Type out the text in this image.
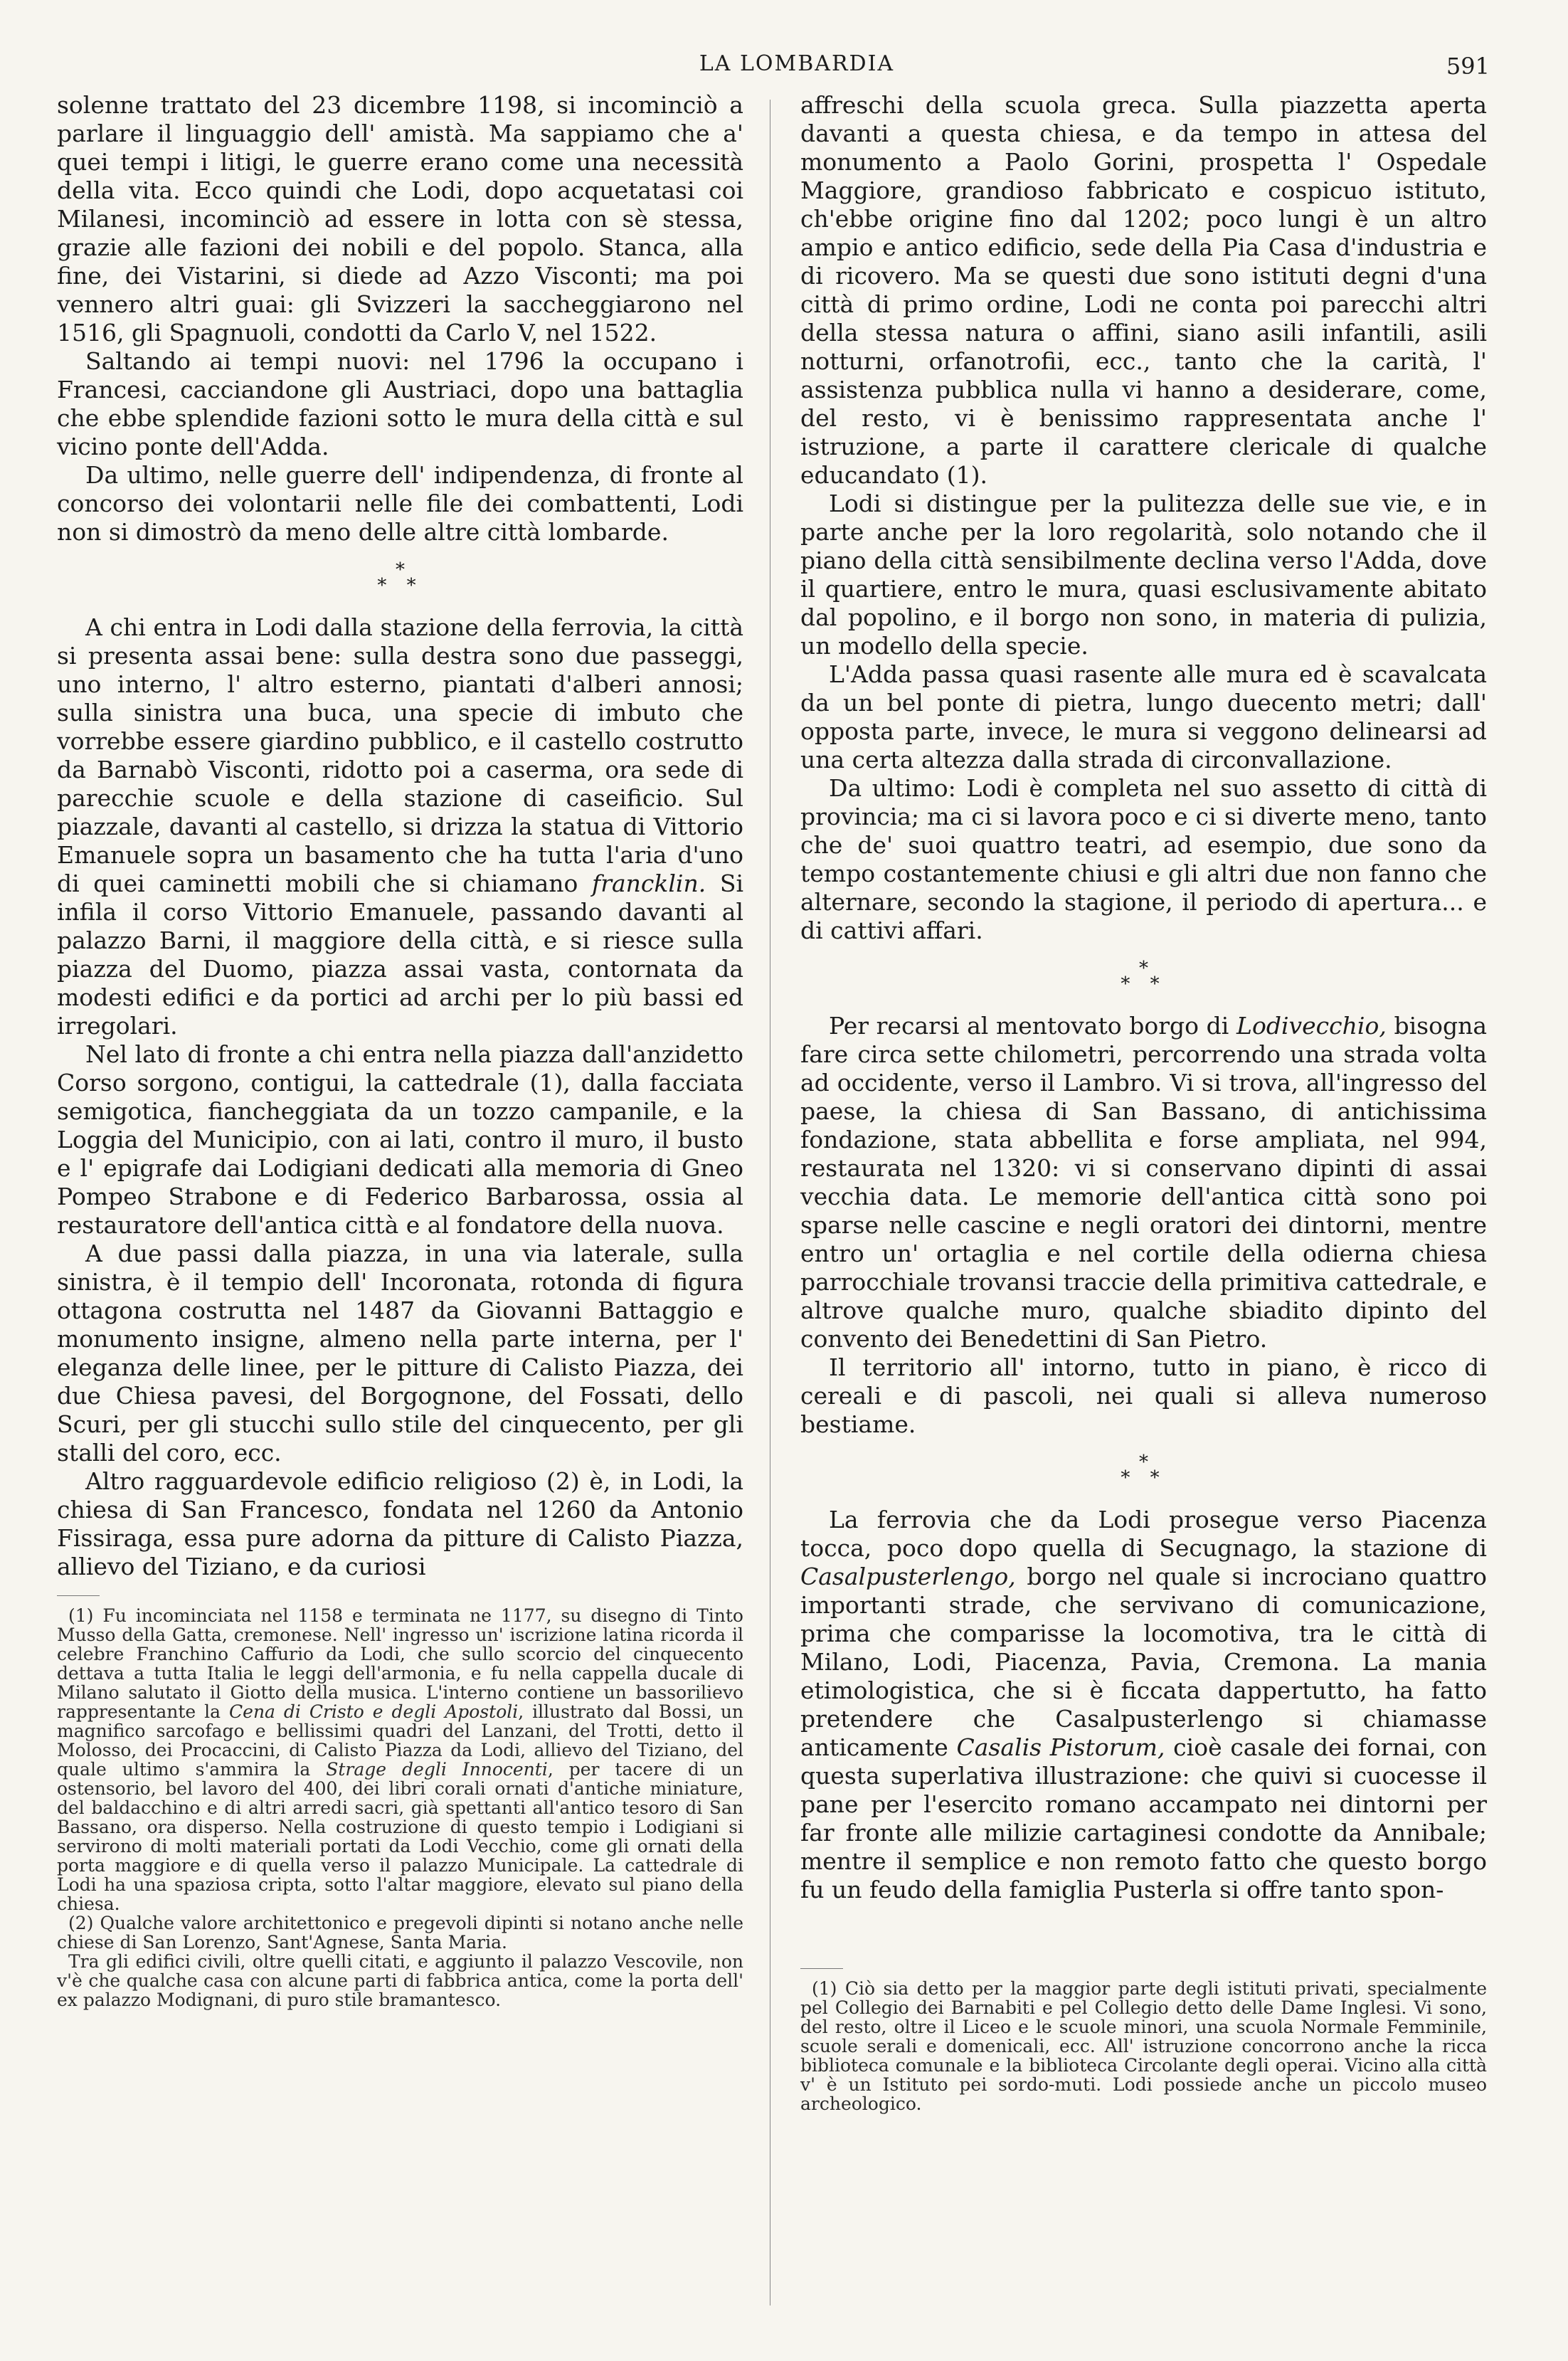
LA LOMBARDIA	591

solenne trattato del 23 dicembre 1198, si incominciò a parlare il linguaggio dell' amistà. Ma sappiamo che a' quei tempi i litigi, le guerre erano come una necessità della vita. Ecco quindi che Lodi, dopo acquetatasi coi Milanesi, incominciò ad essere in lotta con sè stessa, grazie alle fazioni dei nobili e del popolo. Stanca, alla fine, dei Vistarini, si diede ad Azzo Visconti; ma poi vennero altri guai: gli Svizzeri la saccheggiarono nel 1516, gli Spagnuoli, condotti da Carlo V, nel 1522.

Saltando ai tempi nuovi: nel 1796 la occupano i Francesi, cacciandone gli Austriaci, dopo una battaglia che ebbe splendide fazioni sotto le mura della città e sul vicino ponte dell'Adda.

Da ultimo, nelle guerre dell' indipendenza, di fronte al concorso dei volontarii nelle file dei combattenti, Lodi non si dimostrò da meno delle altre città lombarde.

*
* *

A chi entra in Lodi dalla stazione della ferrovia, la città si presenta assai bene: sulla destra sono due passeggi, uno interno, l' altro esterno, piantati d'alberi annosi; sulla sinistra una buca, una specie di imbuto che vorrebbe essere giardino pubblico, e il castello costrutto da Barnabò Visconti, ridotto poi a caserma, ora sede di parecchie scuole e della stazione di caseificio. Sul piazzale, davanti al castello, si drizza la statua di Vittorio Emanuele sopra un basamento che ha tutta l'aria d'uno di quei caminetti mobili che si chiamano francklin. Si infila il corso Vittorio Emanuele, passando davanti al palazzo Barni, il maggiore della città, e si riesce sulla piazza del Duomo, piazza assai vasta, contornata da modesti edifici e da portici ad archi per lo più bassi ed irregolari.

Nel lato di fronte a chi entra nella piazza dall'anzidetto Corso sorgono, contigui, la cattedrale (1), dalla facciata semigotica, fiancheggiata da un tozzo campanile, e la Loggia del Municipio, con ai lati, contro il muro, il busto e l' epigrafe dai Lodigiani dedicati alla memoria di Gneo Pompeo Strabone e di Federico Barbarossa, ossia al restauratore dell'antica città e al fondatore della nuova.

A due passi dalla piazza, in una via laterale, sulla sinistra, è il tempio dell' Incoronata, rotonda di figura ottagona costrutta nel 1487 da Giovanni Battaggio e monumento insigne, almeno nella parte interna, per l' eleganza delle linee, per le pitture di Calisto Piazza, dei due Chiesa pavesi, del Borgognone, del Fossati, dello Scuri, per gli stucchi sullo stile del cinquecento, per gli stalli del coro, ecc.

Altro ragguardevole edificio religioso (2) è, in Lodi, la chiesa di San Francesco, fondata nel 1260 da Antonio Fissiraga, essa pure adorna da pitture di Calisto Piazza, allievo del Tiziano, e da curiosi

(1) Fu incominciata nel 1158 e terminata ne 1177, su disegno di Tinto Musso della Gatta, cremonese. Nell' ingresso un' iscrizione latina ricorda il celebre Franchino Caffurio da Lodi, che sullo scorcio del cinquecento dettava a tutta Italia le leggi dell'armonia, e fu nella cappella ducale di Milano salutato il Giotto della musica. L'interno contiene un bassorilievo rappresentante la Cena di Cristo e degli Apostoli, illustrato dal Bossi, un magnifico sarcofago e bellissimi quadri del Lanzani, del Trotti, detto il Molosso, dei Procaccini, di Calisto Piazza da Lodi, allievo del Tiziano, del quale ultimo s'ammira la Strage degli Innocenti, per tacere di un ostensorio, bel lavoro del 400, dei libri corali ornati d'antiche miniature, del baldacchino e di altri arredi sacri, già spettanti all'antico tesoro di San Bassano, ora disperso. Nella costruzione di questo tempio i Lodigiani si servirono di molti materiali portati da Lodi Vecchio, come gli ornati della porta maggiore e di quella verso il palazzo Municipale. La cattedrale di Lodi ha una spaziosa cripta, sotto l'altar maggiore, elevato sul piano della chiesa.

(2) Qualche valore architettonico e pregevoli dipinti si notano anche nelle chiese di San Lorenzo, Sant'Agnese, Santa Maria.

Tra gli edifici civili, oltre quelli citati, e aggiunto il palazzo Vescovile, non v'è che qualche casa con alcune parti di fabbrica antica, come la porta dell' ex palazzo Modignani, di puro stile bramantesco.

affreschi della scuola greca. Sulla piazzetta aperta davanti a questa chiesa, e da tempo in attesa del monumento a Paolo Gorini, prospetta l' Ospedale Maggiore, grandioso fabbricato e cospicuo istituto, ch'ebbe origine fino dal 1202; poco lungi è un altro ampio e antico edificio, sede della Pia Casa d'industria e di ricovero. Ma se questi due sono istituti degni d'una città di primo ordine, Lodi ne conta poi parecchi altri della stessa natura o affini, siano asili infantili, asili notturni, orfanotrofii, ecc., tanto che la carità, l' assistenza pubblica nulla vi hanno a desiderare, come, del resto, vi è benissimo rappresentata anche l' istruzione, a parte il carattere clericale di qualche educandato (1).

Lodi si distingue per la pulitezza delle sue vie, e in parte anche per la loro regolarità, solo notando che il piano della città sensibilmente declina verso l'Adda, dove il quartiere, entro le mura, quasi esclusivamente abitato dal popolino, e il borgo non sono, in materia di pulizia, un modello della specie.

L'Adda passa quasi rasente alle mura ed è scavalcata da un bel ponte di pietra, lungo duecento metri; dall' opposta parte, invece, le mura si veggono delinearsi ad una certa altezza dalla strada di circonvallazione.

Da ultimo: Lodi è completa nel suo assetto di città di provincia; ma ci si lavora poco e ci si diverte meno, tanto che de' suoi quattro teatri, ad esempio, due sono da tempo costantemente chiusi e gli altri due non fanno che alternare, secondo la stagione, il periodo di apertura... e di cattivi affari.

*
* *

Per recarsi al mentovato borgo di Lodivecchio, bisogna fare circa sette chilometri, percorrendo una strada volta ad occidente, verso il Lambro. Vi si trova, all'ingresso del paese, la chiesa di San Bassano, di antichissima fondazione, stata abbellita e forse ampliata, nel 994, restaurata nel 1320: vi si conservano dipinti di assai vecchia data. Le memorie dell'antica città sono poi sparse nelle cascine e negli oratori dei dintorni, mentre entro un' ortaglia e nel cortile della odierna chiesa parrocchiale trovansi traccie della primitiva cattedrale, e altrove qualche muro, qualche sbiadito dipinto del convento dei Benedettini di San Pietro.

Il territorio all' intorno, tutto in piano, è ricco di cereali e di pascoli, nei quali si alleva numeroso bestiame.

*
* *

La ferrovia che da Lodi prosegue verso Piacenza tocca, poco dopo quella di Secugnago, la stazione di Casalpusterlengo, borgo nel quale si incrociano quattro importanti strade, che servivano di comunicazione, prima che comparisse la locomotiva, tra le città di Milano, Lodi, Piacenza, Pavia, Cremona. La mania etimologistica, che si è ficcata dappertutto, ha fatto pretendere che Casalpusterlengo si chiamasse anticamente Casalis Pistorum, cioè casale dei fornai, con questa superlativa illustrazione: che quivi si cuocesse il pane per l'esercito romano accampato nei dintorni per far fronte alle milizie cartaginesi condotte da Annibale; mentre il semplice e non remoto fatto che questo borgo fu un feudo della famiglia Pusterla si offre tanto spon-

(1) Ciò sia detto per la maggior parte degli istituti privati, specialmente pel Collegio dei Barnabiti e pel Collegio detto delle Dame Inglesi. Vi sono, del resto, oltre il Liceo e le scuole minori, una scuola Normale Femminile, scuole serali e domenicali, ecc. All' istruzione concorrono anche la ricca biblioteca comunale e la biblioteca Circolante degli operai. Vicino alla città v' è un Istituto pei sordo-muti. Lodi possiede anche un piccolo museo archeologico.
